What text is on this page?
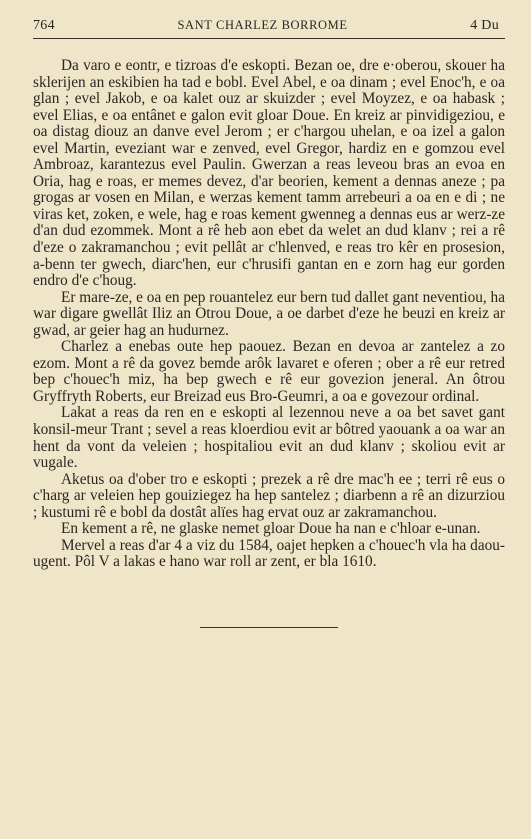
764	SANT CHARLEZ BORROME	4 Du

Da varo e eontr, e tizroas d'e eskopti. Bezan oe, dre e·oberou, skouer ha sklerijen an eskibien ha tad e bobl. Evel Abel, e oa dinam ; evel Enoc'h, e oa glan ; evel Jakob, e oa kalet ouz ar skuizder ; evel Moyzez, e oa habask ; evel Elias, e oa entânet e galon evit gloar Doue. En kreiz ar pinvidigeziou, e oa distag diouz an danve evel Jerom ; er c'hargou uhelan, e oa izel a galon evel Martin, eveziant war e zenved, evel Gregor, hardiz en e gomzou evel Ambroaz, karantezus evel Paulin. Gwerzan a reas leveou bras an evoa en Oria, hag e roas, er memes devez, d'ar beorien, kement a dennas aneze ; pa grogas ar vosen en Milan, e werzas kement tamm arrebeuri a oa en e di ; ne viras ket, zoken, e wele, hag e roas kement gwenneg a dennas eus ar werz-ze d'an dud ezommek. Mont a rê heb aon ebet da welet an dud klanv ; rei a rê d'eze o zakramanchou ; evit pellât ar c'hlenved, e reas tro kêr en prosesion, a-benn ter gwech, diarc'hen, eur c'hrusifi gantan en e zorn hag eur gorden endro d'e c'houg.

Er mare-ze, e oa en pep rouantelez eur bern tud dallet gant neventiou, ha war digare gwellât Iliz an Otrou Doue, a oe darbet d'eze he beuzi en kreiz ar gwad, ar geier hag an hudurnez.

Charlez a enebas oute hep paouez. Bezan en devoa ar zantelez a zo ezom. Mont a rê da govez bemde arôk lavaret e oferen ; ober a rê eur retred bep c'houec'h miz, ha bep gwech e rê eur govezion jeneral. An ôtrou Gryffryth Roberts, eur Breizad eus Bro-Geumri, a oa e govezour ordinal.

Lakat a reas da ren en e eskopti al lezennou neve a oa bet savet gant konsil-meur Trant ; sevel a reas kloerdiou evit ar bôtred yaouank a oa war an hent da vont da veleien ; hospitaliou evit an dud klanv ; skoliou evit ar vugale.

Aketus oa d'ober tro e eskopti ; prezek a rê dre mac'h ee ; terri rê eus o c'harg ar veleien hep gouiziegez ha hep santelez ; diarbenn a rê an dizurziou ; kustumi rê e bobl da dostât alïes hag ervat ouz ar zakramanchou.

En kement a rê, ne glaske nemet gloar Doue ha nan e c'hloar e-unan.

Mervel a reas d'ar 4 a viz du 1584, oajet hepken a c'houec'h vla ha daou-ugent. Pôl V a lakas e hano war roll ar zent, er bla 1610.
